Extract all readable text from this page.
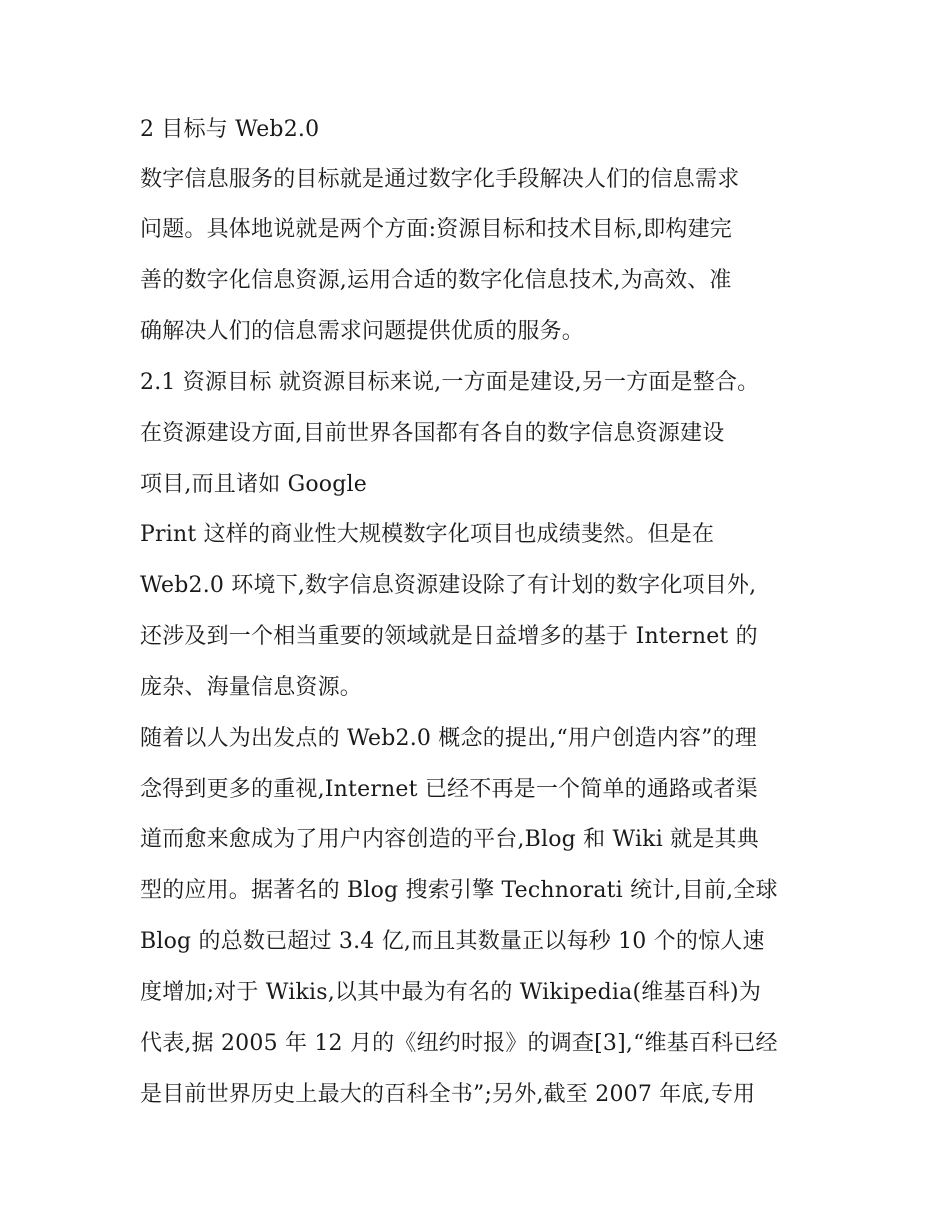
2 目标与 Web2.0
数字信息服务的目标就是通过数字化手段解决人们的信息需求
问题。具体地说就是两个方面:资源目标和技术目标,即构建完
善的数字化信息资源,运用合适的数字化信息技术,为高效、准
确解决人们的信息需求问题提供优质的服务。
2.1 资源目标 就资源目标来说,一方面是建设,另一方面是整合。
在资源建设方面,目前世界各国都有各自的数字信息资源建设
项目,而且诸如 Google
Print 这样的商业性大规模数字化项目也成绩斐然。但是在
Web2.0 环境下,数字信息资源建设除了有计划的数字化项目外,
还涉及到一个相当重要的领域就是日益增多的基于 Internet 的
庞杂、海量信息资源。
随着以人为出发点的 Web2.0 概念的提出,“用户创造内容”的理
念得到更多的重视,Internet 已经不再是一个简单的通路或者渠
道而愈来愈成为了用户内容创造的平台,Blog 和 Wiki 就是其典
型的应用。据著名的 Blog 搜索引擎 Technorati 统计,目前,全球
Blog 的总数已超过 3.4 亿,而且其数量正以每秒 10 个的惊人速
度增加;对于 Wikis,以其中最为有名的 Wikipedia(维基百科)为
代表,据 2005 年 12 月的《纽约时报》的调查[3],“维基百科已经
是目前世界历史上最大的百科全书”;另外,截至 2007 年底,专用
